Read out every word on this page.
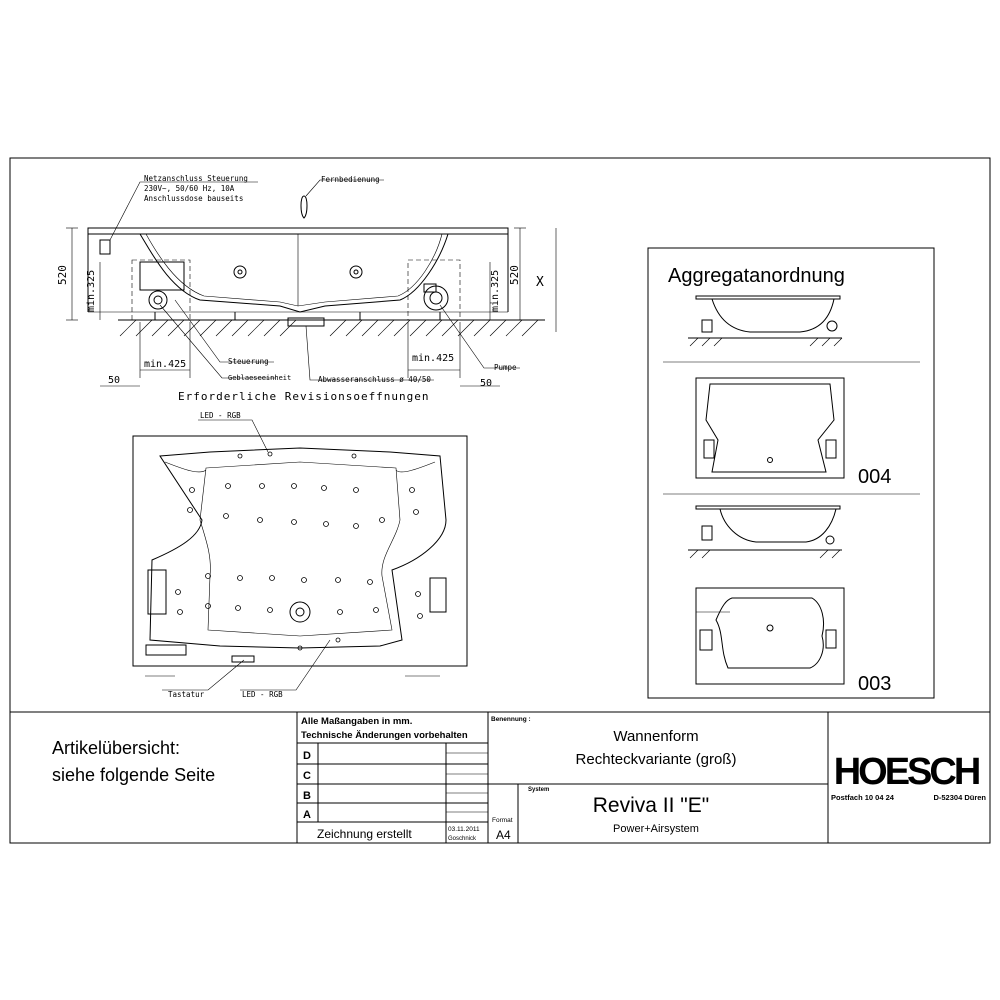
Netzanschluss Steuerung
230V~, 50/60 Hz, 10A
Anschlussdose bauseits
Fernbedienung
Steuerung
Geblaeseeinheit	Abwasseranschluss ø 40/50
Pumpe
Erforderliche Revisionsoeffnungen
520 min.325	520
min.325	X
min.425
min.425
50	50
LED - RGB
Tastatur	LED - RGB
Aggregatanordnung
004
003
Artikelübersicht:
siehe folgende Seite
Alle Maßangaben in mm.
Technische Änderungen vorbehalten
D
C
B
A
Zeichnung erstellt	03.11.2011
Goschnick
Format
A4
Benennung :
Wannenform
Rechteckvariante (groß)
System
Reviva II "E"
Power+Airsystem
HOESCH
Postfach 10 04 24	D-52304 Düren
